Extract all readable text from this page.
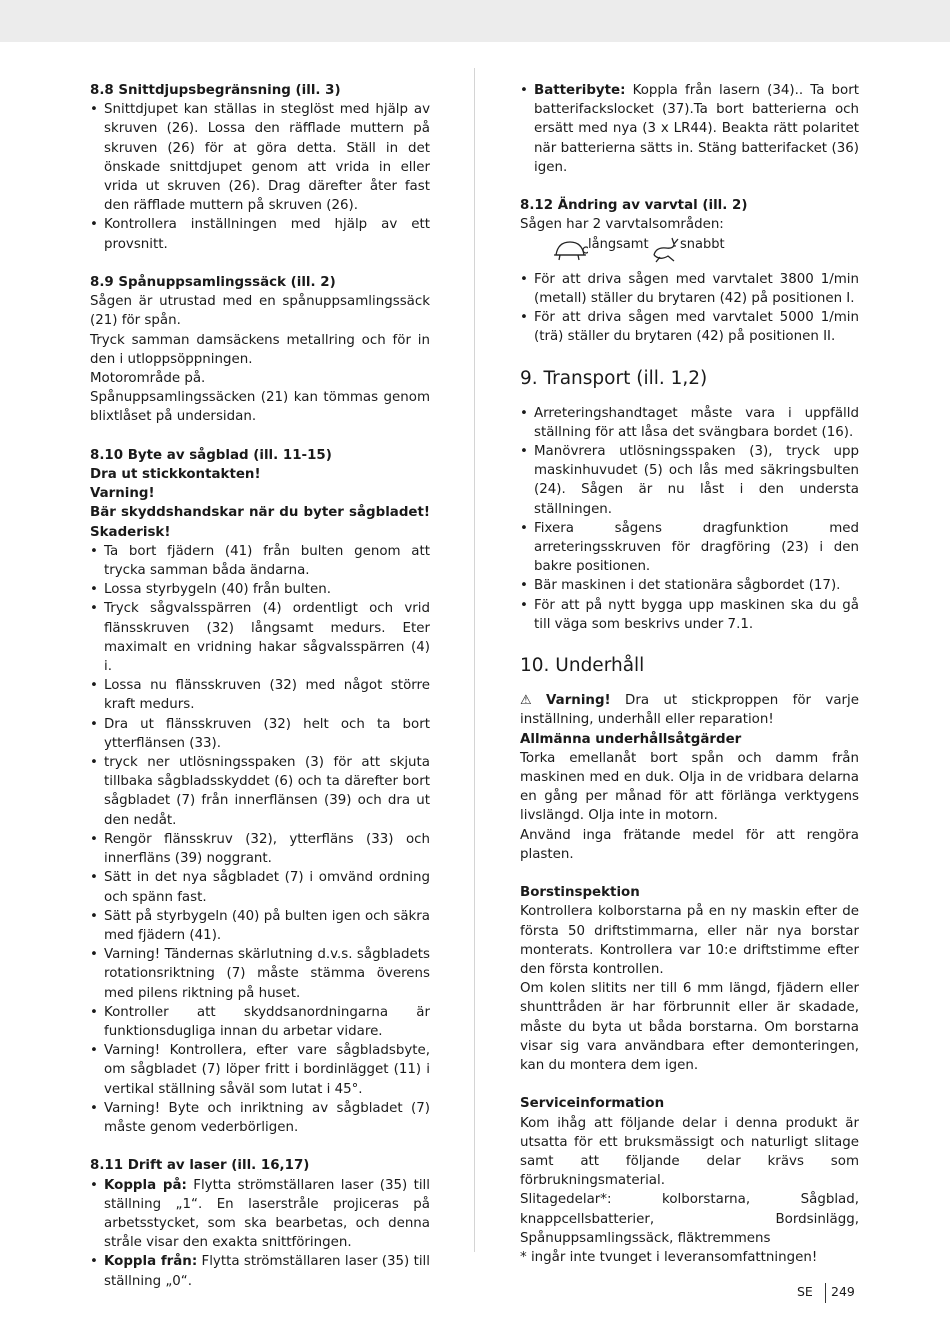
8.8 Snittdjupsbegränsning (ill. 3)
• Snittdjupet kan ställas in steglöst med hjälp av skruven (26). Lossa den räfflade muttern på skruven (26) för at göra detta. Ställ in det önskade snittdjupet genom att vrida in eller vrida ut skruven (26). Drag därefter åter fast den räfflade muttern på skruven (26).
• Kontrollera inställningen med hjälp av ett provsnitt.
8.9 Spånuppsamlingssäck (ill. 2)

Sågen är utrustad med en spånuppsamlingssäck (21) för spån.

Tryck samman damsäckens metallring och för in den i utloppsöppningen.

Motorområde på.

Spånuppsamlingssäcken (21) kan tömmas genom blixtlåset på undersidan.

8.10 Byte av sågblad (ill. 11-15)
Dra ut stickkontakten!
Varning!

Bär skyddshandskar när du byter sågbladet! Skaderisk!

• Ta bort fjädern (41) från bulten genom att trycka samman båda ändarna.
• Lossa styrbygeln (40) från bulten.
• Tryck sågvalsspärren (4) ordentligt och vrid flänsskruven (32) långsamt medurs. Eter maximalt en vridning hakar sågvalsspärren (4) i.
• Lossa nu flänsskruven (32) med något större kraft medurs.
• Dra ut flänsskruven (32) helt och ta bort ytterflänsen (33).
• tryck ner utlösningsspaken (3) för att skjuta tillbaka sågbladsskyddet (6) och ta därefter bort sågbladet (7) från innerflänsen (39) och dra ut den nedåt.
• Rengör flänsskruv (32), ytterfläns (33) och innerfläns (39) noggrant.
• Sätt in det nya sågbladet (7) i omvänd ordning och spänn fast.
• Sätt på styrbygeln (40) på bulten igen och säkra med fjädern (41).
• Varning! Tändernas skärlutning d.v.s. sågbladets rotationsriktning (7) måste stämma överens med pilens riktning på huset.
• Kontroller att skyddsanordningarna är funktionsdugliga innan du arbetar vidare.
• Varning! Kontrollera, efter vare sågbladsbyte, om sågbladet (7) löper fritt i bordinlägget (11) i vertikal ställning såväl som lutat i 45°.
• Varning! Byte och inriktning av sågbladet (7) måste genom vederbörligen.
8.11 Drift av laser (ill. 16,17)
• Koppla på: Flytta strömställaren laser (35) till ställning „1“. En laserstråle projiceras på arbetsstycket, som ska bearbetas, och denna stråle visar den exakta snittföringen.
• Koppla från: Flytta strömställaren laser (35) till ställning „0“.
• Batteribyte: Koppla från lasern (34).. Ta bort batterifackslocket (37).Ta bort batterierna och ersätt med nya (3 x LR44). Beakta rätt polaritet när batterierna sätts in. Stäng batterifacket (36) igen.
8.12 Ändring av varvtal (ill. 2)

Sågen har 2 varvtalsområden:

långsamt snabbt
• För att driva sågen med varvtalet 3800 1/min (metall) ställer du brytaren (42) på positionen I.
• För att driva sågen med varvtalet 5000 1/min (trä) ställer du brytaren (42) på positionen II.
9. Transport (ill. 1,2)
• Arreteringshandtaget måste vara i uppfälld ställning för att låsa det svängbara bordet (16).
• Manövrera utlösningsspaken (3), tryck upp maskinhuvudet (5) och lås med säkringsbulten (24). Sågen är nu låst i den understa ställningen.
• Fixera sågens dragfunktion med arreteringsskruven för dragföring (23) i den bakre positionen.
• Bär maskinen i det stationära sågbordet (17).
• För att på nytt bygga upp maskinen ska du gå till väga som beskrivs under 7.1.
10. Underhåll

⚠ Varning! Dra ut stickproppen för varje inställning, underhåll eller reparation!

Allmänna underhållsåtgärder

Torka emellanåt bort spån och damm från maskinen med en duk. Olja in de vridbara delarna en gång per månad för att förlänga verktygens livslängd. Olja inte in motorn.

Använd inga frätande medel för att rengöra plasten.

Borstinspektion

Kontrollera kolborstarna på en ny maskin efter de första 50 driftstimmarna, eller när nya borstar monterats. Kontrollera var 10:e driftstimme efter den första kontrollen.

Om kolen slitits ner till 6 mm längd, fjädern eller shunttråden är har förbrunnit eller är skadade, måste du byta ut båda borstarna. Om borstarna visar sig vara användbara efter demonteringen, kan du montera dem igen.

Serviceinformation

Kom ihåg att följande delar i denna produkt är utsatta för ett bruksmässigt och naturligt slitage samt att följande delar krävs som förbrukningsmaterial.

Slitagedelar*: kolborstarna, Sågblad, knappcellsbatterier, Bordsinlägg, Spånuppsamlingssäck, fläktremmens

* ingår inte tvunget i leveransomfattningen!

SE 249
